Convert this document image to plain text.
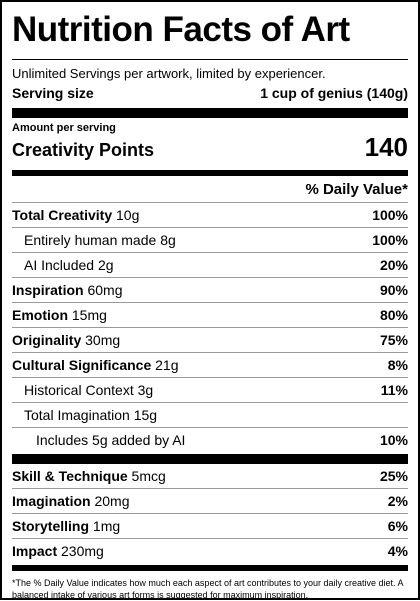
Nutrition Facts of Art
Unlimited Servings per artwork, limited by experiencer.
Serving size	1 cup of genius (140g)
Amount per serving
Creativity Points	140
% Daily Value*
Total Creativity 10g	100%
Entirely human made 8g	100%
AI Included 2g	20%
Inspiration 60mg	90%
Emotion 15mg	80%
Originality 30mg	75%
Cultural Significance 21g	8%
Historical Context 3g	11%
Total Imagination 15g
Includes 5g added by AI	10%
Skill & Technique 5mcg	25%
Imagination 20mg	2%
Storytelling 1mg	6%
Impact 230mg	4%
*The % Daily Value indicates how much each aspect of art contributes to your daily creative diet. A balanced intake of various art forms is suggested for maximum inspiration.
